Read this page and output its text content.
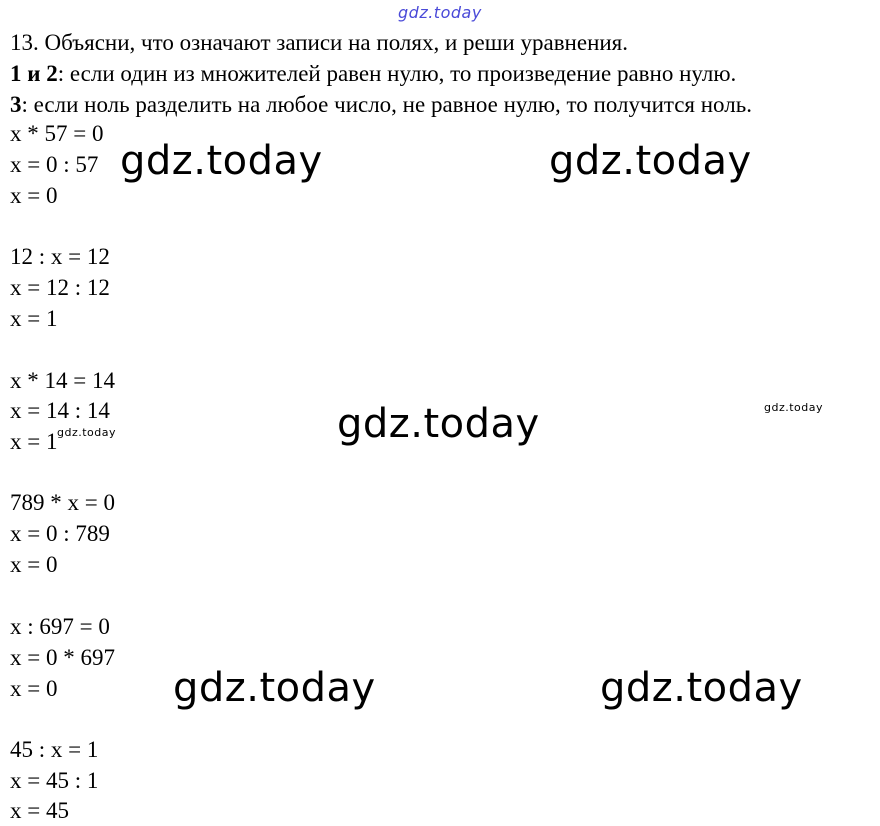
gdz.today
13. Объясни, что означают записи на полях, и реши уравнения.
1 и 2: если один из множителей равен нулю, то произведение равно нулю.
3: если ноль разделить на любое число, не равное нулю, то получится ноль.
x * 57 = 0
x = 0 : 57
x = 0
12 : x = 12
x = 12 : 12
x = 1
x * 14 = 14
x = 14 : 14
x = 1
789 * x = 0
x = 0 : 789
x = 0
x : 697 = 0
x = 0 * 697
x = 0
45 : x = 1
x = 45 : 1
x = 45
gdz.today	gdz.today
gdz.today
gdz.today	gdz.today
gdz.today
gdz.today
